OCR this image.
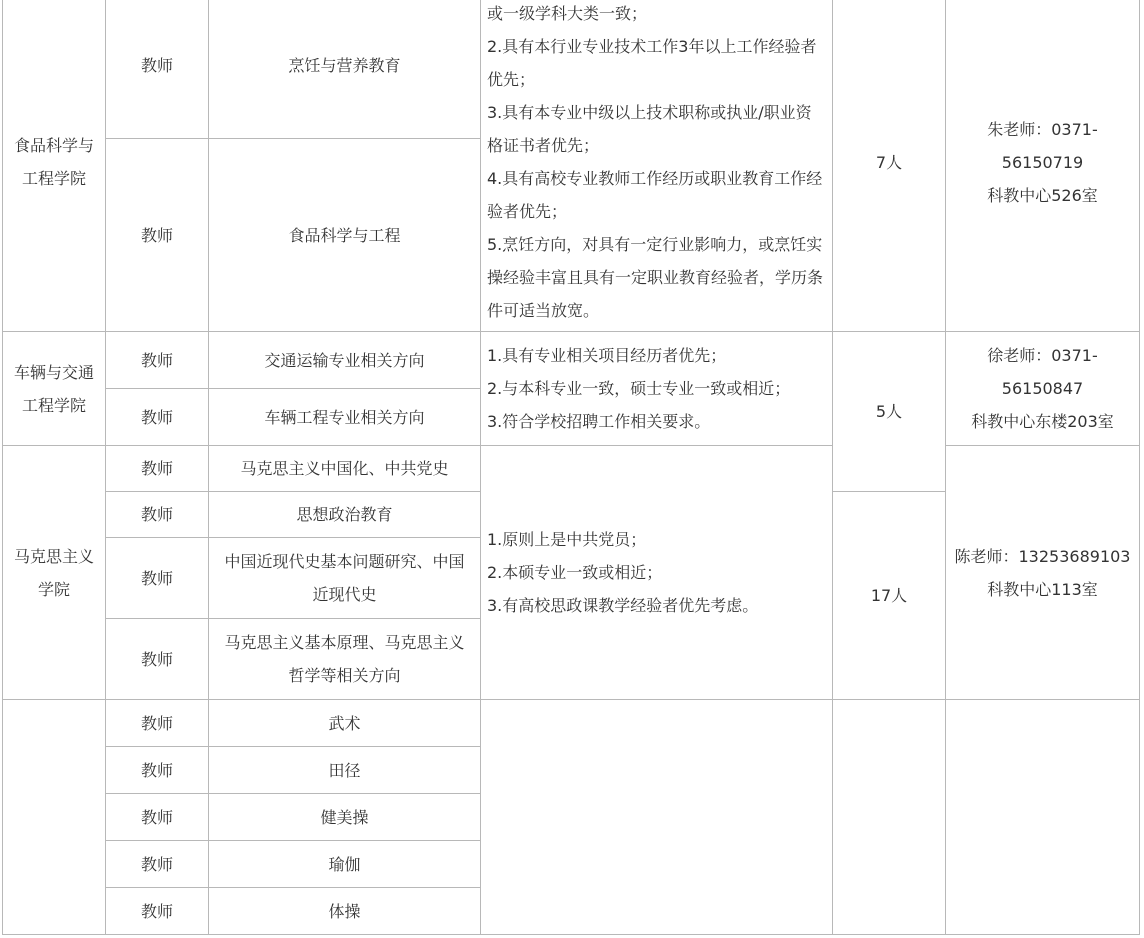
食品科学与工程学院	教师	烹饪与营养教育	或一级学科大类一致；
2.具有本行业专业技术工作3年以上工作经验者优先；
3.具有本专业中级以上技术职称或执业/职业资格证书者优先；
4.具有高校专业教师工作经历或职业教育工作经验者优先；
5.烹饪方向，对具有一定行业影响力，或烹饪实操经验丰富且具有一定职业教育经验者，学历条件可适当放宽。	7人	朱老师：0371-56150719
科教中心526室

	教师	食品科学与工程			
车辆与交通工程学院	教师	交通运输专业相关方向	1.具有专业相关项目经历者优先；
2.与本科专业一致，硕士专业一致或相近；
3.符合学校招聘工作相关要求。	5人	徐老师：0371-56150847
科教中心东楼203室

	教师	车辆工程专业相关方向			
马克思主义学院	教师	马克思主义中国化、中共党史	1.原则上是中共党员；
2.本硕专业一致或相近；
3.有高校思政课教学经验者优先考虑。		陈老师：13253689103
科教中心113室

	教师	思想政治教育		17人	
	教师	中国近现代史基本问题研究、中国近现代史			
	教师	马克思主义基本原理、马克思主义哲学等相关方向			
	教师	武术			
	教师	田径			
	教师	健美操			
	教师	瑜伽			
	教师	体操			
